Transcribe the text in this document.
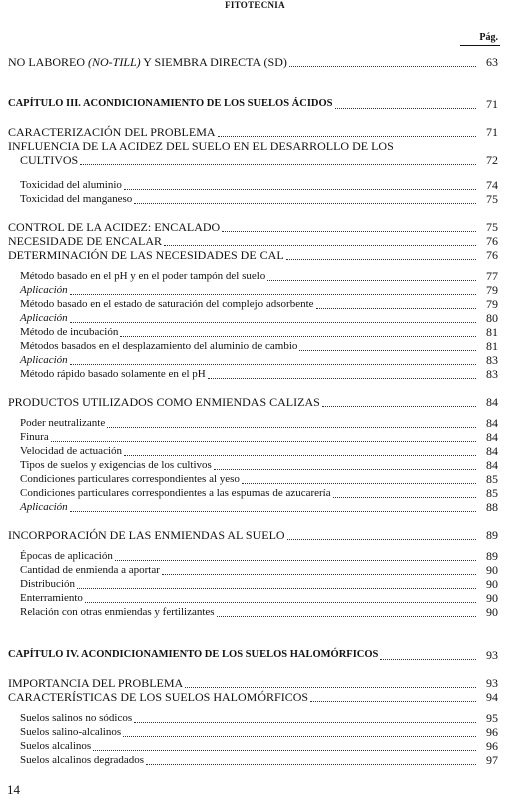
FITOTECNIA
Pág.
NO LABOREO (NO-TILL) Y SIEMBRA DIRECTA (SD)	63
CAPÍTULO III. ACONDICIONAMIENTO DE LOS SUELOS ÁCIDOS	71
CARACTERIZACIÓN DEL PROBLEMA	71
INFLUENCIA DE LA ACIDEZ DEL SUELO EN EL DESARROLLO DE LOS
CULTIVOS	72
Toxicidad del aluminio	74
Toxicidad del manganeso	75
CONTROL DE LA ACIDEZ: ENCALADO	75
NECESIDADE DE ENCALAR	76
DETERMINACIÓN DE LAS NECESIDADES DE CAL	76
Método basado en el pH y en el poder tampón del suelo	77
Aplicación	79
Método basado en el estado de saturación del complejo adsorbente	79
Aplicación	80
Método de incubación	81
Métodos basados en el desplazamiento del aluminio de cambio	81
Aplicación	83
Método rápido basado solamente en el pH	83
PRODUCTOS UTILIZADOS COMO ENMIENDAS CALIZAS	84
Poder neutralizante	84
Finura	84
Velocidad de actuación	84
Tipos de suelos y exigencias de los cultivos	84
Condiciones particulares correspondientes al yeso	85
Condiciones particulares correspondientes a las espumas de azucarería	85
Aplicación	88
INCORPORACIÓN DE LAS ENMIENDAS AL SUELO	89
Épocas de aplicación	89
Cantidad de enmienda a aportar	90
Distribución	90
Enterramiento	90
Relación con otras enmiendas y fertilizantes	90
CAPÍTULO IV. ACONDICIONAMIENTO DE LOS SUELOS HALOMÓRFICOS	93
IMPORTANCIA DEL PROBLEMA	93
CARACTERÍSTICAS DE LOS SUELOS HALOMÓRFICOS	94
Suelos salinos no sódicos	95
Suelos salino-alcalinos	96
Suelos alcalinos	96
Suelos alcalinos degradados	97
14
